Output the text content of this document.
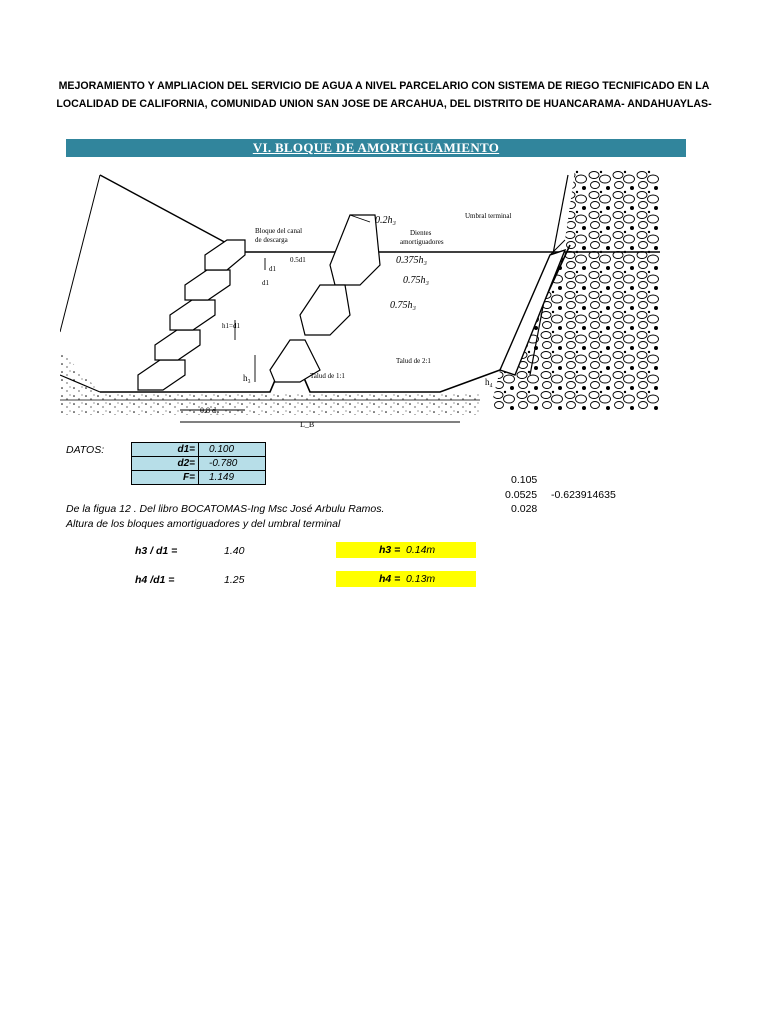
MEJORAMIENTO Y AMPLIACION DEL SERVICIO DE AGUA A NIVEL PARCELARIO CON SISTEMA DE RIEGO TECNIFICADO EN LA
LOCALIDAD DE CALIFORNIA, COMUNIDAD UNION SAN JOSE DE ARCAHUA, DEL DISTRITO DE HUANCARAMA- ANDAHUAYLAS-
VI. BLOQUE DE AMORTIGUAMIENTO
Bloque del canal
de descarga
Dientes
amortiguadores
Umbral terminal
0.2h₃
0.375h₃
0.75h₃
0.75h₃
0.5d1
d1
d1
h1=d1
h₃	h₄
Talud de 2:1
Talud de 1:1
0.8 d₂
L_B
DATOS:	d1=	0.100
d2=	-0.780
F=	1.149	0.105
0.0525 -0.623914635
0.028
De la figua 12 . Del libro BOCATOMAS-Ing Msc José Arbulu Ramos.
Altura de los bloques amortiguadores y del umbral terminal
h3 / d1 =	1.40	h3 = 0.14m
h4 /d1 =	1.25	h4 = 0.13m
